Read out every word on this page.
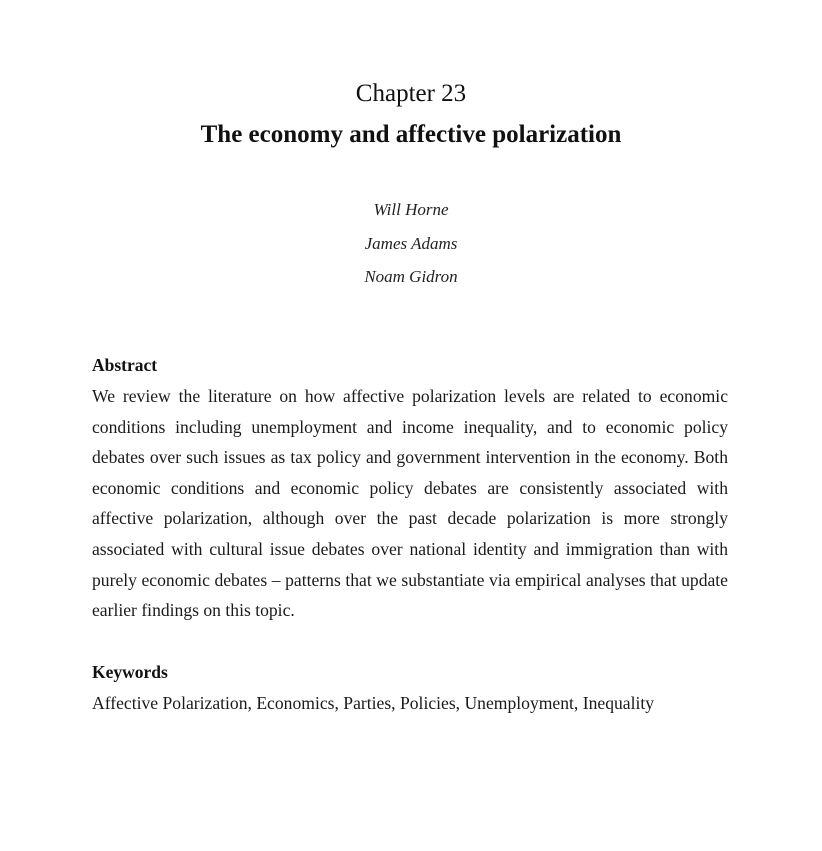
Chapter 23
The economy and affective polarization
Will Horne
James Adams
Noam Gidron
Abstract

We review the literature on how affective polarization levels are related to economic conditions including unemployment and income inequality, and to economic policy debates over such issues as tax policy and government intervention in the economy. Both economic conditions and economic policy debates are consistently associated with affective polarization, although over the past decade polarization is more strongly associated with cultural issue debates over national identity and immigration than with purely economic debates – patterns that we substantiate via empirical analyses that update earlier findings on this topic.

Keywords

Affective Polarization, Economics, Parties, Policies, Unemployment, Inequality
